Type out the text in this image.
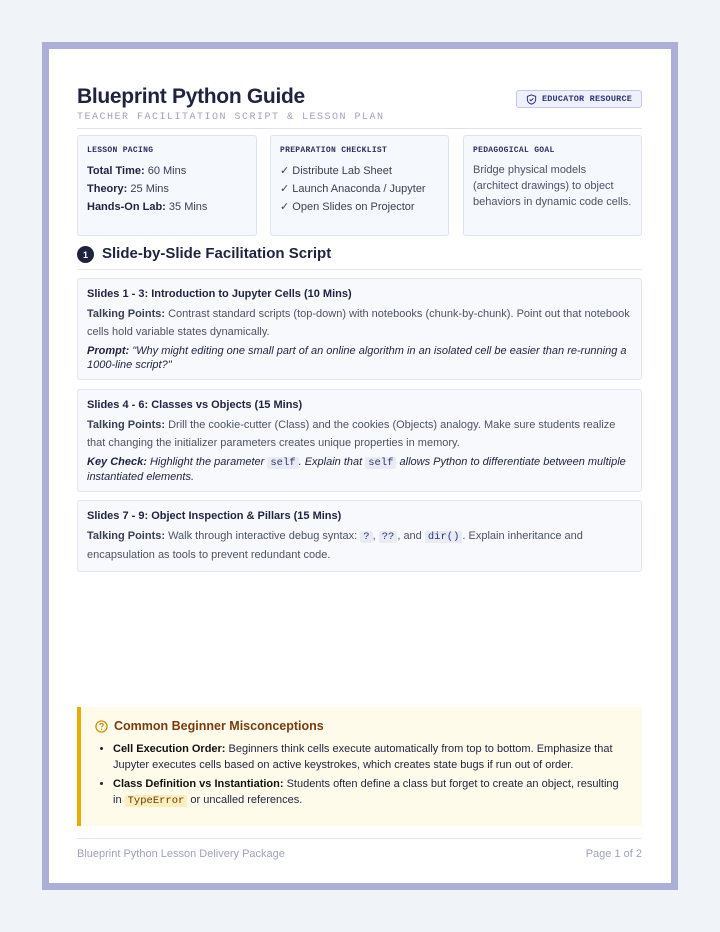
Blueprint Python Guide
TEACHER FACILITATION SCRIPT & LESSON PLAN
EDUCATOR RESOURCE
LESSON PACING
Total Time: 60 Mins
Theory: 25 Mins
Hands-On Lab: 35 Mins
PREPARATION CHECKLIST
✓ Distribute Lab Sheet
✓ Launch Anaconda / Jupyter
✓ Open Slides on Projector
PEDAGOGICAL GOAL
Bridge physical models (architect drawings) to object behaviors in dynamic code cells.
1 Slide-by-Slide Facilitation Script
Slides 1 - 3: Introduction to Jupyter Cells (10 Mins)
Talking Points: Contrast standard scripts (top-down) with notebooks (chunk-by-chunk). Point out that notebook cells hold variable states dynamically.
Prompt: "Why might editing one small part of an online algorithm in an isolated cell be easier than re-running a 1000-line script?"
Slides 4 - 6: Classes vs Objects (15 Mins)
Talking Points: Drill the cookie-cutter (Class) and the cookies (Objects) analogy. Make sure students realize that changing the initializer parameters creates unique properties in memory.
Key Check: Highlight the parameter self . Explain that self allows Python to differentiate between multiple instantiated elements.
Slides 7 - 9: Object Inspection & Pillars (15 Mins)
Talking Points: Walk through interactive debug syntax: ? , ?? , and dir() . Explain inheritance and encapsulation as tools to prevent redundant code.
Common Beginner Misconceptions
• Cell Execution Order: Beginners think cells execute automatically from top to bottom. Emphasize that Jupyter executes cells based on active keystrokes, which creates state bugs if run out of order.
• Class Definition vs Instantiation: Students often define a class but forget to create an object, resulting in TypeError or uncalled references.
Blueprint Python Lesson Delivery Package	Page 1 of 2
